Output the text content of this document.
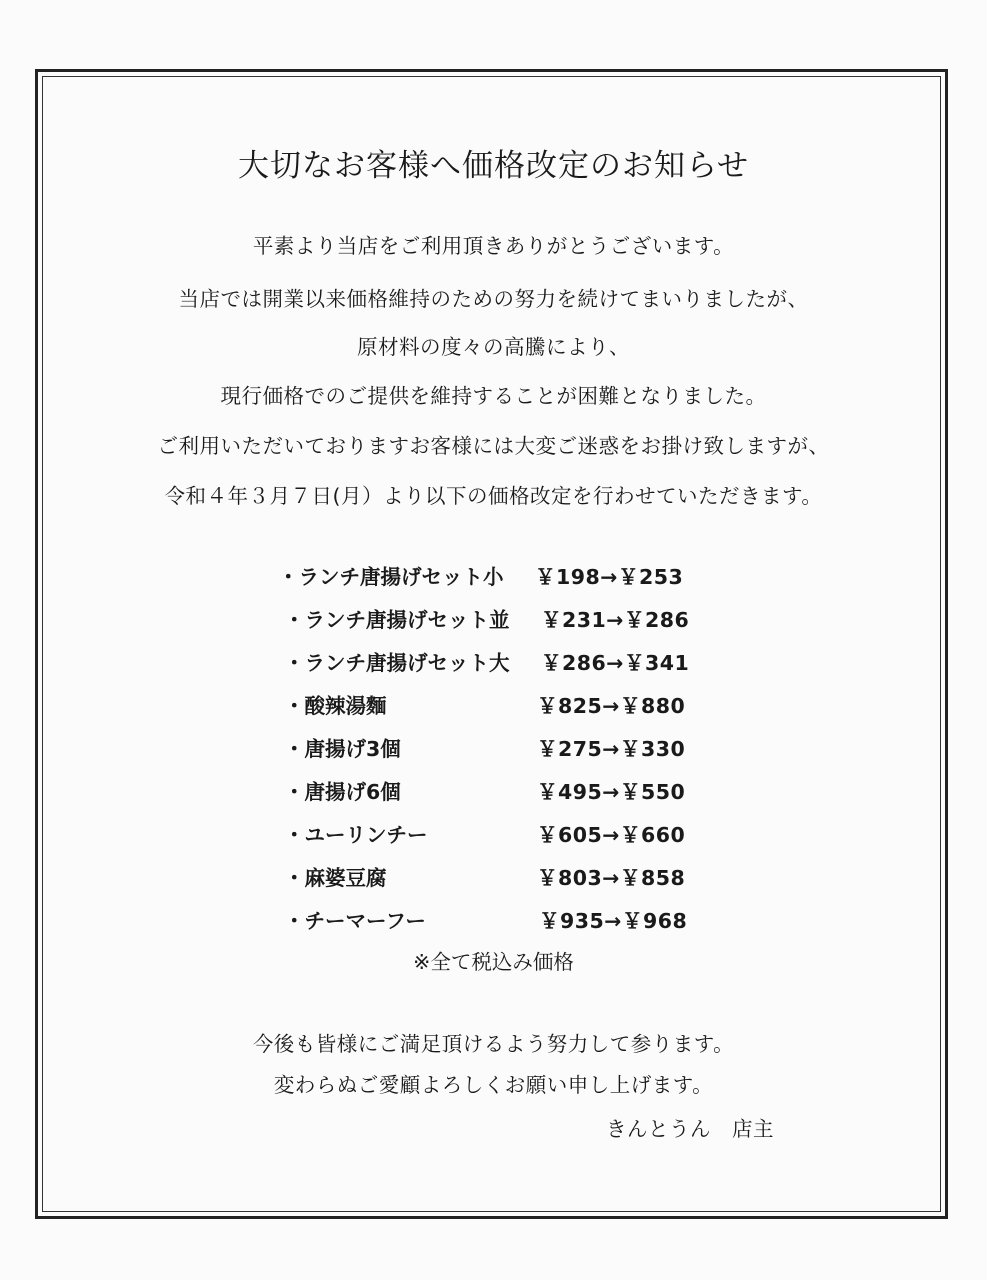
大切なお客様へ価格改定のお知らせ
平素より当店をご利用頂きありがとうございます。
当店では開業以来価格維持のための努力を続けてまいりましたが、
原材料の度々の高騰により、
現行価格でのご提供を維持することが困難となりました。
ご利用いただいておりますお客様には大変ご迷惑をお掛け致しますが、
令和４年３月７日(月）より以下の価格改定を行わせていただきます。
・ランチ唐揚げセット小 ￥198→￥253
・ランチ唐揚げセット並 ￥231→￥286
・ランチ唐揚げセット大 ￥286→￥341
・酸辣湯麵	￥825→￥880
・唐揚げ3個	￥275→￥330
・唐揚げ6個	￥495→￥550
・ユーリンチー	￥605→￥660
・麻婆豆腐	￥803→￥858
・チーマーフー	￥935→￥968
※全て税込み価格
今後も皆様にご満足頂けるよう努力して参ります。
変わらぬご愛顧よろしくお願い申し上げます。
きんとうん　店主
